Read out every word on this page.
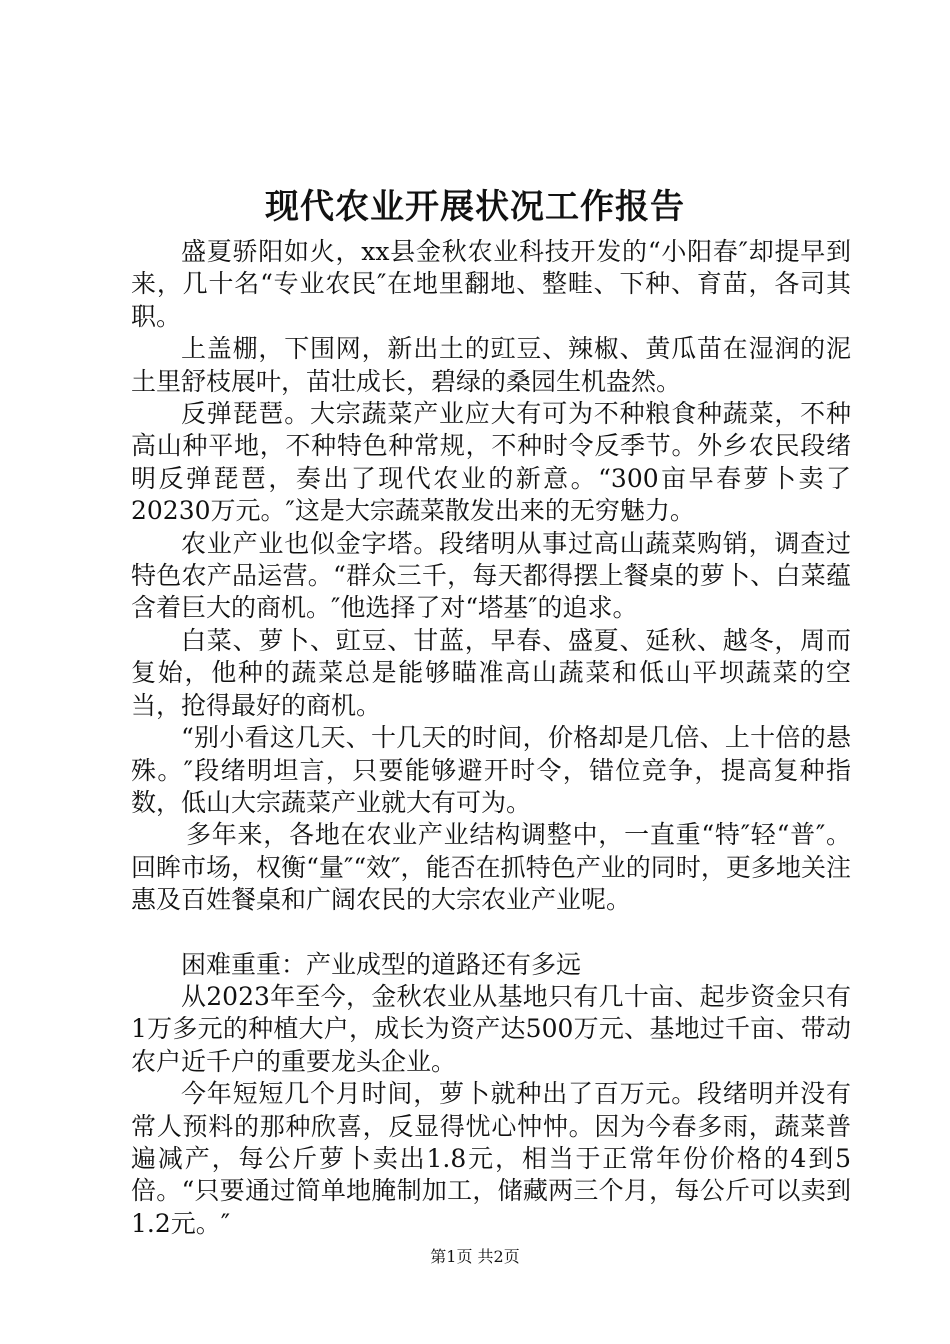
现代农业开展状况工作报告

盛夏骄阳如火，xx县金秋农业科技开发的“小阳春″却提早到来，几十名“专业农民″在地里翻地、整畦、下种、育苗，各司其职。

上盖棚，下围网，新出土的豇豆、辣椒、黄瓜苗在湿润的泥土里舒枝展叶，苗壮成长，碧绿的桑园生机盎然。

反弹琵琶。大宗蔬菜产业应大有可为不种粮食种蔬菜，不种高山种平地，不种特色种常规，不种时令反季节。外乡农民段绪明反弹琵琶，奏出了现代农业的新意。“300亩早春萝卜卖了20230万元。″这是大宗蔬菜散发出来的无穷魅力。

农业产业也似金字塔。段绪明从事过高山蔬菜购销，调查过特色农产品运营。“群众三千，每天都得摆上餐桌的萝卜、白菜蕴含着巨大的商机。″他选择了对“塔基″的追求。

白菜、萝卜、豇豆、甘蓝，早春、盛夏、延秋、越冬，周而复始，他种的蔬菜总是能够瞄准高山蔬菜和低山平坝蔬菜的空当，抢得最好的商机。

“别小看这几天、十几天的时间，价格却是几倍、上十倍的悬殊。″段绪明坦言，只要能够避开时令，错位竞争，提高复种指数，低山大宗蔬菜产业就大有可为。

多年来，各地在农业产业结构调整中，一直重“特″轻“普″。回眸市场，权衡“量″“效″，能否在抓特色产业的同时，更多地关注惠及百姓餐桌和广阔农民的大宗农业产业呢。

困难重重：产业成型的道路还有多远

从2023年至今，金秋农业从基地只有几十亩、起步资金只有1万多元的种植大户，成长为资产达500万元、基地过千亩、带动农户近千户的重要龙头企业。

今年短短几个月时间，萝卜就种出了百万元。段绪明并没有常人预料的那种欣喜，反显得忧心忡忡。因为今春多雨，蔬菜普遍减产，每公斤萝卜卖出1.8元，相当于正常年份价格的4到5倍。“只要通过简单地腌制加工，储藏两三个月，每公斤可以卖到1.2元。″

第1页 共2页
